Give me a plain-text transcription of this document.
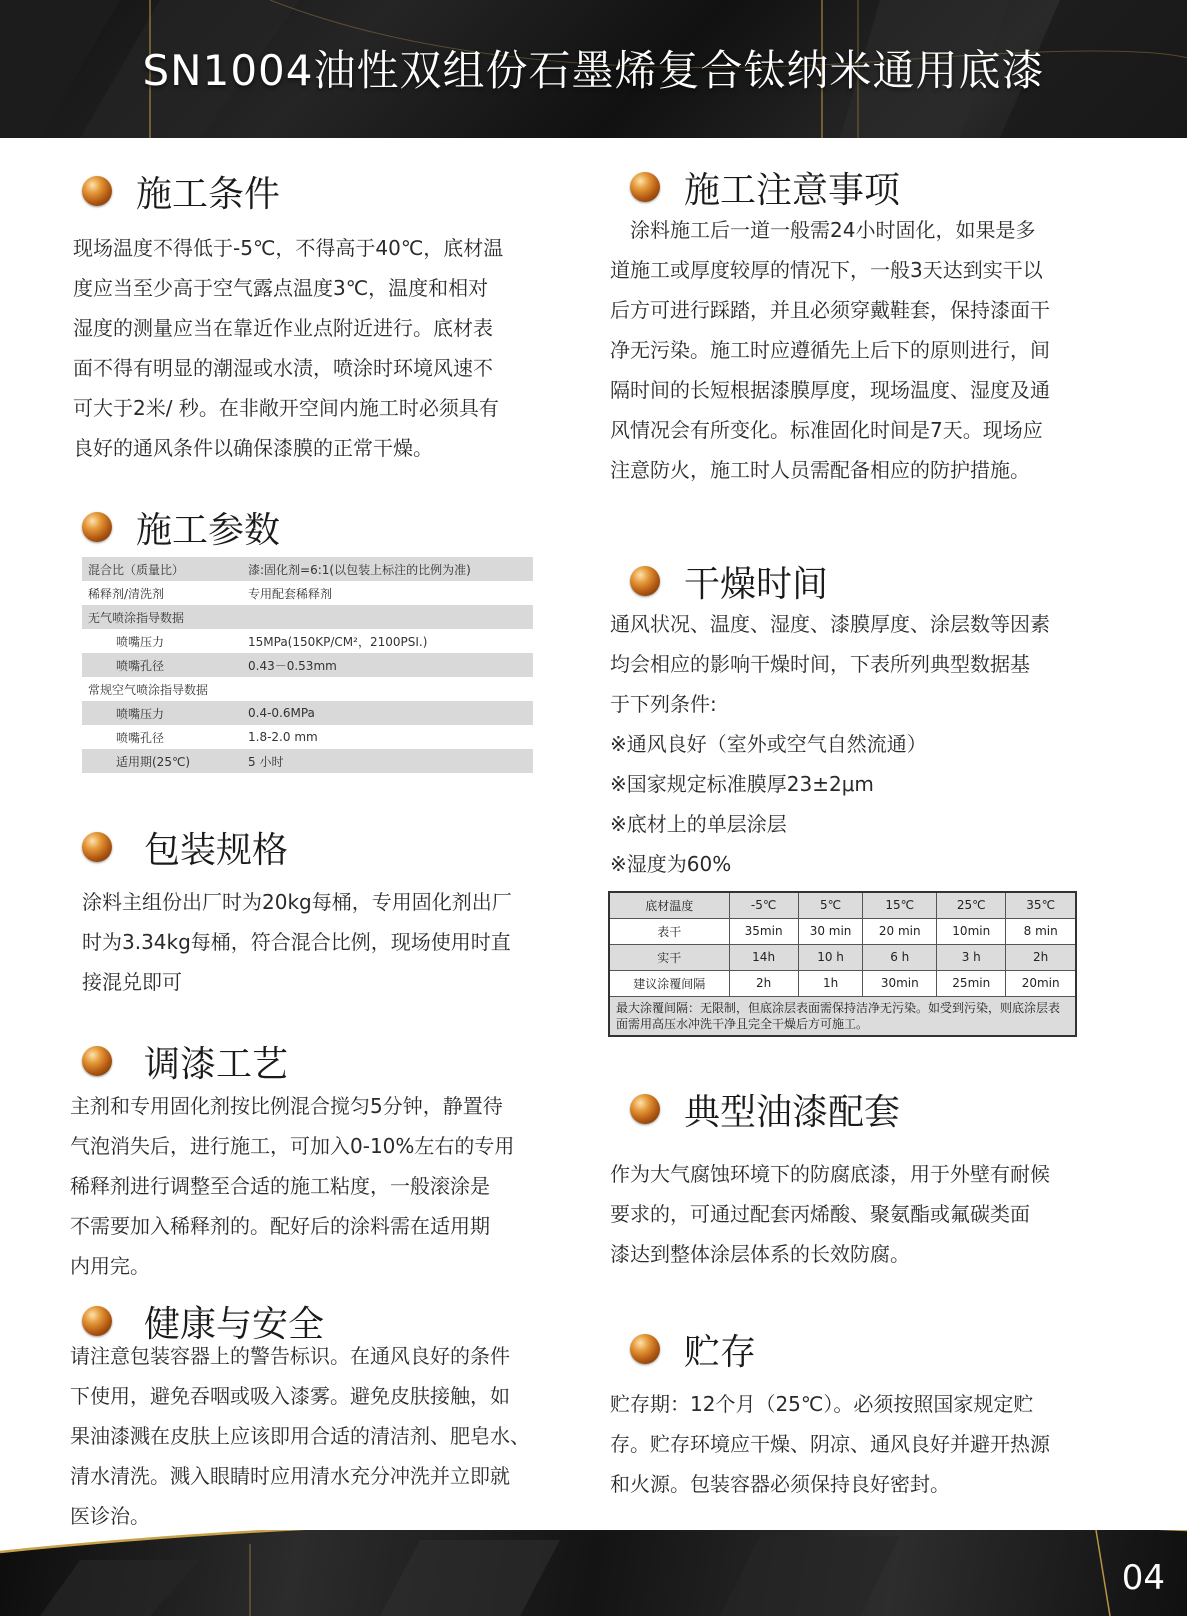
SN1004油性双组份石墨烯复合钛纳米通用底漆
施工条件

现场温度不得低于-5℃，不得高于40℃，底材温

度应当至少高于空气露点温度3℃，温度和相对

湿度的测量应当在靠近作业点附近进行。底材表

面不得有明显的潮湿或水渍，喷涂时环境风速不

可大于2米/ 秒。在非敞开空间内施工时必须具有

良好的通风条件以确保漆膜的正常干燥。

施工注意事项

　涂料施工后一道一般需24小时固化，如果是多

道施工或厚度较厚的情况下，一般3天达到实干以

后方可进行踩踏，并且必须穿戴鞋套，保持漆面干

净无污染。施工时应遵循先上后下的原则进行，间

隔时间的长短根据漆膜厚度，现场温度、湿度及通

风情况会有所变化。标准固化时间是7天。现场应

注意防火，施工时人员需配备相应的防护措施。

施工参数
混合比（质量比）	漆:固化剂=6:1(以包装上标注的比例为准)
稀释剂/清洗剂	专用配套稀释剂
无气喷涂指导数据	
喷嘴压力	15MPa(150KP/CM²，2100PSI.)
喷嘴孔径	0.43－0.53mm
常规空气喷涂指导数据	
喷嘴压力	0.4-0.6MPa
喷嘴孔径	1.8-2.0 mm
适用期(25℃)	5 小时
干燥时间

通风状况、温度、湿度、漆膜厚度、涂层数等因素

均会相应的影响干燥时间，下表所列典型数据基

于下列条件:

※通风良好（室外或空气自然流通）

※国家规定标准膜厚23±2μm

※底材上的单层涂层

※湿度为60%

底材温度	-5℃	5℃	15℃	25℃	35℃
表干	35min	30 min	20 min	10min	8 min
实干	14h	10 h	6 h	3 h	2h
建议涂覆间隔	2h	1h	30min	25min	20min
最大涂覆间隔：无限制，但底涂层表面需保持洁净无污染。如受到污染，则底涂层表面需用高压水冲洗干净且完全干燥后方可施工。					
包装规格

涂料主组份出厂时为20kg每桶，专用固化剂出厂

时为3.34kg每桶，符合混合比例，现场使用时直

接混兑即可

调漆工艺

主剂和专用固化剂按比例混合搅匀5分钟，静置待

气泡消失后，进行施工，可加入0-10%左右的专用

稀释剂进行调整至合适的施工粘度，一般滚涂是

不需要加入稀释剂的。配好后的涂料需在适用期

内用完。

典型油漆配套

作为大气腐蚀环境下的防腐底漆，用于外壁有耐候

要求的，可通过配套丙烯酸、聚氨酯或氟碳类面

漆达到整体涂层体系的长效防腐。

健康与安全

请注意包装容器上的警告标识。在通风良好的条件

下使用，避免吞咽或吸入漆雾。避免皮肤接触，如

果油漆溅在皮肤上应该即用合适的清洁剂、肥皂水、

清水清洗。溅入眼睛时应用清水充分冲洗并立即就

医诊治。

贮存

贮存期：12个月（25℃）。必须按照国家规定贮

存。贮存环境应干燥、阴凉、通风良好并避开热源

和火源。包装容器必须保持良好密封。

04
